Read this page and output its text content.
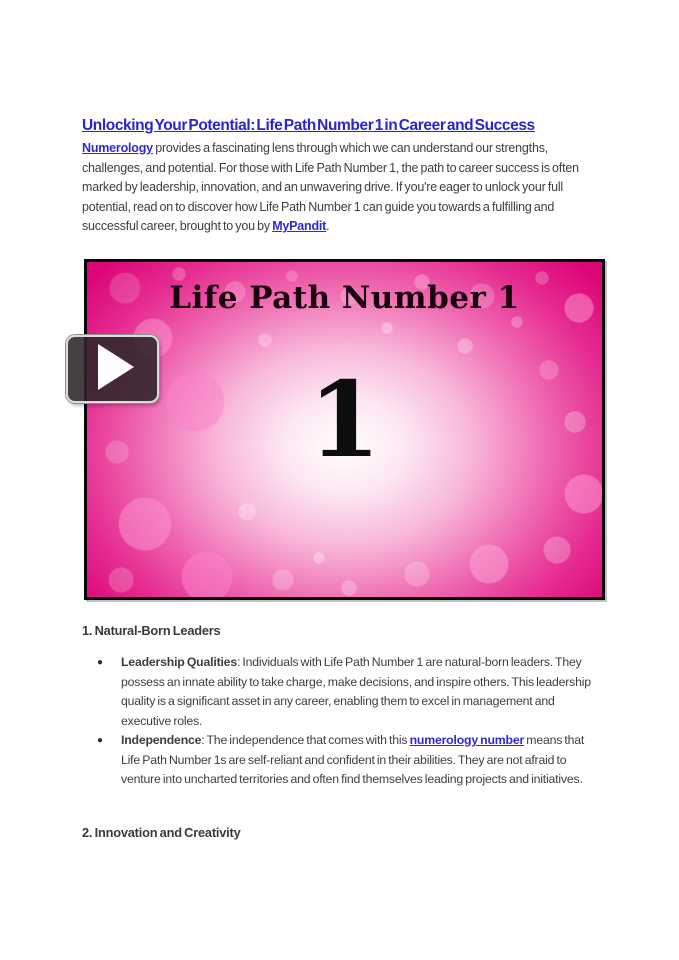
Unlocking Your Potential: Life Path Number 1 in Career and Success

Numerology provides a fascinating lens through which we can understand our strengths, challenges, and potential. For those with Life Path Number 1, the path to career success is often marked by leadership, innovation, and an unwavering drive. If you're eager to unlock your full potential, read on to discover how Life Path Number 1 can guide you towards a fulfilling and successful career, brought to you by MyPandit.

Life Path Number 1
1
1. Natural-Born Leaders
● Leadership Qualities: Individuals with Life Path Number 1 are natural-born leaders. They possess an innate ability to take charge, make decisions, and inspire others. This leadership quality is a significant asset in any career, enabling them to excel in management and executive roles.
● Independence: The independence that comes with this numerology number means that Life Path Number 1s are self-reliant and confident in their abilities. They are not afraid to venture into uncharted territories and often find themselves leading projects and initiatives.
2. Innovation and Creativity
